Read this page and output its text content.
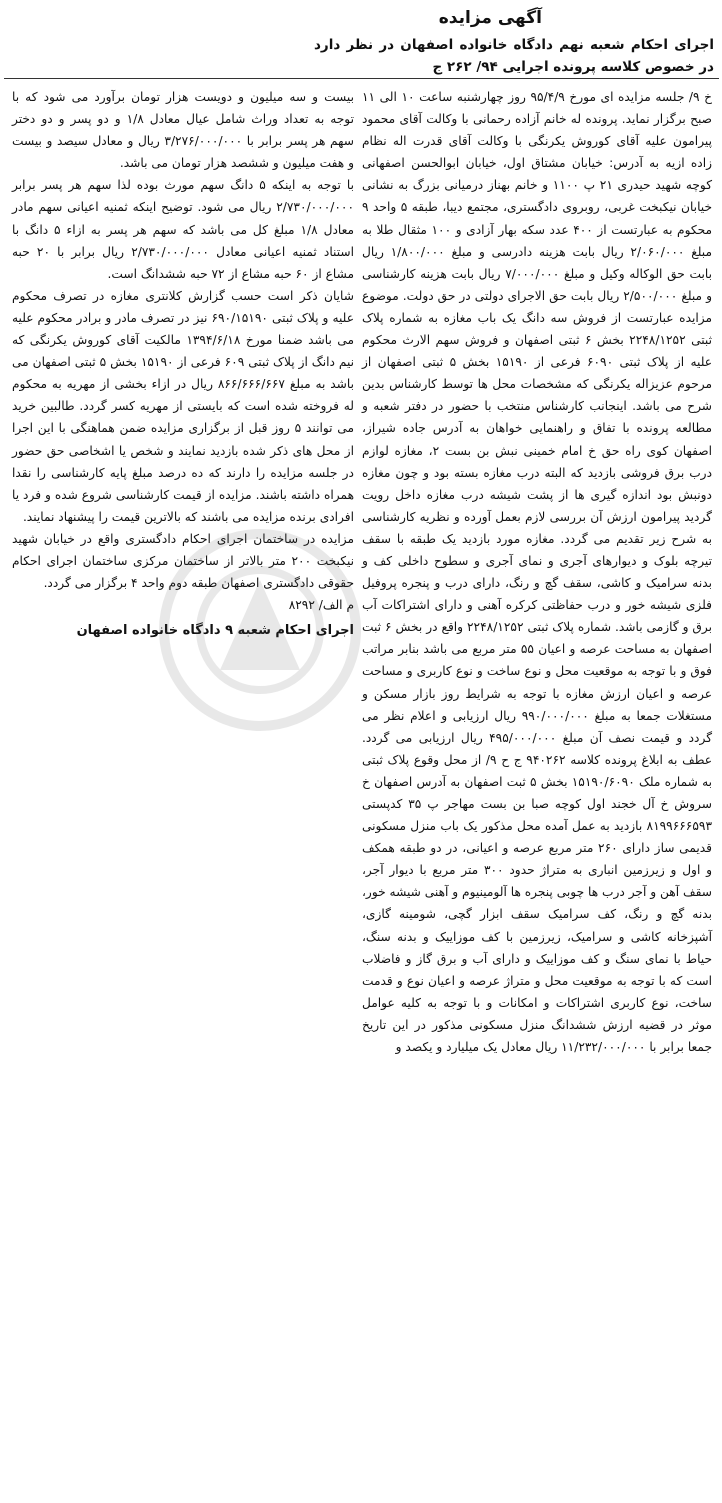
آگهی مزایده
اجرای احکام شعبه نهم دادگاه خانواده اصفهان در نظر دارد در خصوص کلاسه پرونده اجرایی ۹۴/ ۲۶۲ ج

خ ۹/ جلسه مزایده ای مورخ ۹۵/۴/۹ روز چهارشنبه ساعت ۱۰ الی ۱۱ صبح برگزار نماید. پرونده له خانم آزاده رحمانی با وکالت آقای محمود پیرامون علیه آقای کوروش یکرنگی با وکالت آقای قدرت اله نظام زاده ازیه به آدرس: خیابان مشتاق اول، خیابان ابوالحسن اصفهانی کوچه شهید حیدری ۲۱ پ ۱۱۰۰ و خانم بهناز درمیانی بزرگ به نشانی خیابان نیکبخت غربی، روبروی دادگستری، مجتمع دیبا، طبقه ۵ واحد ۹ محکوم به عبارتست از ۴۰۰ عدد سکه بهار آزادی و ۱۰۰ مثقال طلا به مبلغ ۲/۰۶۰/۰۰۰ ریال بابت هزینه دادرسی و مبلغ ۱/۸۰۰/۰۰۰ ریال بابت حق الوکاله وکیل و مبلغ ۷/۰۰۰/۰۰۰ ریال بابت هزینه کارشناسی و مبلغ ۲/۵۰۰/۰۰۰ ریال بابت حق الاجرای دولتی در حق دولت. موضوع مزایده عبارتست از فروش سه دانگ یک باب مغازه به شماره پلاک ثبتی ۲۲۴۸/۱۲۵۲ بخش ۶ ثبتی اصفهان و فروش سهم الارث محکوم علیه از پلاک ثبتی ۶۰۹۰ فرعی از ۱۵۱۹۰ بخش ۵ ثبتی اصفهان از مرحوم عزیزاله یکرنگی که مشخصات محل ها توسط کارشناس بدین شرح می باشد. اینجانب کارشناس منتخب با حضور در دفتر شعبه و مطالعه پرونده با تفاق و راهنمایی خواهان به آدرس جاده شیراز، اصفهان کوی راه حق خ امام خمینی نبش بن بست ۲، مغازه لوازم درب برق فروشی بازدید که البته درب مغازه بسته بود و چون مغازه دونبش بود اندازه گیری ها از پشت شیشه درب مغازه داخل رویت گردید پیرامون ارزش آن بررسی لازم بعمل آورده و نظریه کارشناسی به شرح زیر تقدیم می گردد. مغازه مورد بازدید یک طبقه با سقف تیرچه بلوک و دیوارهای آجری و نمای آجری و سطوح داخلی کف و بدنه سرامیک و کاشی، سقف گچ و رنگ، دارای درب و پنجره پروفیل فلزی شیشه خور و درب حفاظتی کرکره آهنی و دارای اشتراکات آب برق و گازمی باشد. شماره پلاک ثبتی ۲۲۴۸/۱۲۵۲ واقع در بخش ۶ ثبت اصفهان به مساحت عرصه و اعیان ۵۵ متر مربع می باشد بنابر مراتب فوق و با توجه به موقعیت محل و نوع ساخت و نوع کاربری و مساحت عرصه و اعیان ارزش مغازه با توجه به شرایط روز بازار مسکن و مستغلات جمعا به مبلغ ۹۹۰/۰۰۰/۰۰۰ ریال ارزیابی و اعلام نظر می گردد و قیمت نصف آن مبلغ ۴۹۵/۰۰۰/۰۰۰ ریال ارزیابی می گردد. عطف به ابلاغ پرونده کلاسه ۹۴۰۲۶۲ ج ح ۹/ از محل وقوع پلاک ثبتی به شماره ملک ۱۵۱۹۰/۶۰۹۰ بخش ۵ ثبت اصفهان به آدرس اصفهان خ سروش خ آل خجند اول کوچه صبا بن بست مهاجر پ ۳۵ کدپستی ۸۱۹۹۶۶۶۵۹۳ بازدید به عمل آمده محل مذکور یک باب منزل مسکونی قدیمی ساز دارای ۲۶۰ متر مربع عرصه و اعیانی، در دو طبقه همکف و اول و زیرزمین انباری به متراژ حدود ۳۰۰ متر مربع با دیوار آجر، سقف آهن و آجر درب ها چوبی پنجره ها آلومینیوم و آهنی شیشه خور، بدنه گچ و رنگ، کف سرامیک سقف ابزار گچی، شومینه گازی، آشپزخانه کاشی و سرامیک، زیرزمین با کف موزاییک و بدنه سنگ، حیاط با نمای سنگ و کف موزاییک و دارای آب و برق گاز و فاضلاب است که با توجه به موقعیت محل و متراژ عرصه و اعیان نوع و قدمت ساخت، نوع کاربری اشتراکات و امکانات و با توجه به کلیه عوامل موثر در قضیه ارزش ششدانگ منزل مسکونی مذکور در این تاریخ جمعا برابر با ۱۱/۲۳۲/۰۰۰/۰۰۰ ریال معادل یک میلیارد و یکصد و

بیست و سه میلیون و دویست هزار تومان برآورد می شود که با توجه به تعداد وراث شامل عیال معادل ۱/۸ و دو پسر و دو دختر سهم هر پسر برابر با ۳/۲۷۶/۰۰۰/۰۰۰ ریال و معادل سیصد و بیست و هفت میلیون و ششصد هزار تومان می باشد.

با توجه به اینکه ۵ دانگ سهم مورث بوده لذا سهم هر پسر برابر ۲/۷۳۰/۰۰۰/۰۰۰ ریال می شود. توضیح اینکه ثمنیه اعیانی سهم مادر معادل ۱/۸ مبلغ کل می باشد که سهم هر پسر به ازاء ۵ دانگ با استناد ثمنیه اعیانی معادل ۲/۷۳۰/۰۰۰/۰۰۰ ریال برابر با ۲۰ حبه مشاع از ۶۰ حبه مشاع از ۷۲ حبه ششدانگ است.

شایان ذکر است حسب گزارش کلانتری مغازه در تصرف محکوم علیه و پلاک ثبتی ۶۹۰/۱۵۱۹۰ نیز در تصرف مادر و برادر محکوم علیه می باشد ضمنا مورخ ۱۳۹۴/۶/۱۸ مالکیت آقای کوروش یکرنگی که نیم دانگ از پلاک ثبتی ۶۰۹ فرعی از ۱۵۱۹۰ بخش ۵ ثبتی اصفهان می باشد به مبلغ ۸۶۶/۶۶۶/۶۶۷ ریال در ازاء بخشی از مهریه به محکوم له فروخته شده است که بایستی از مهریه کسر گردد. طالبین خرید می توانند ۵ روز قبل از برگزاری مزایده ضمن هماهنگی با این اجرا از محل های ذکر شده بازدید نمایند و شخص یا اشخاصی حق حضور در جلسه مزایده را دارند که ده درصد مبلغ پایه کارشناسی را نقدا همراه داشته باشند. مزایده از قیمت کارشناسی شروع شده و فرد یا افرادی برنده مزایده می باشند که بالاترین قیمت را پیشنهاد نمایند.

مزایده در ساختمان اجرای احکام دادگستری واقع در خیابان شهید نیکبخت ۲۰۰ متر بالاتر از ساختمان مرکزی ساختمان اجرای احکام حقوقی دادگستری اصفهان طبقه دوم واحد ۴ برگزار می گردد.

م الف/ ۸۲۹۲

اجرای احکام شعبه ۹ دادگاه خانواده اصفهان
